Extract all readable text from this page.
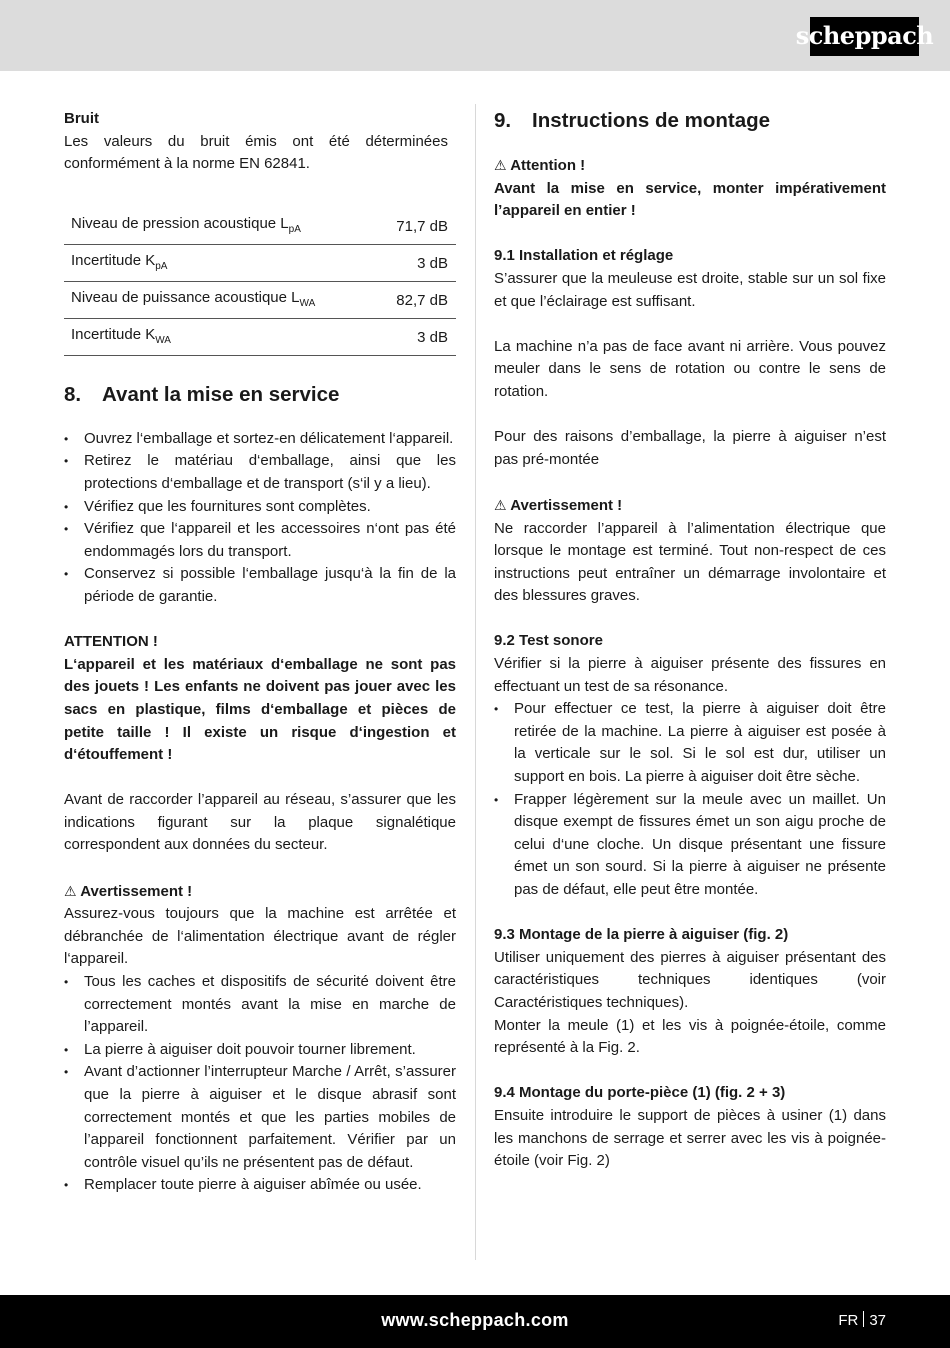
scheppach

Bruit

Les valeurs du bruit émis ont été déterminées conformément à la norme EN 62841.

Niveau de pression acoustique $L_{pA}$	71,7 dB
Incertitude $K_{pA}$	3 dB
Niveau de puissance acoustique $L_{WA}$	82,7 dB
Incertitude $K_{WA}$	3 dB
8.	Avant la mise en service
• Ouvrez l‘emballage et sortez-en délicatement l‘appareil.
• Retirez le matériau d‘emballage, ainsi que les protections d‘emballage et de transport (s‘il y a lieu).
• Vérifiez que les fournitures sont complètes.
• Vérifiez que l‘appareil et les accessoires n‘ont pas été endommagés lors du transport.
• Conservez si possible l‘emballage jusqu‘à la fin de la période de garantie.

ATTENTION !

L‘appareil et les matériaux d‘emballage ne sont pas des jouets ! Les enfants ne doivent pas jouer avec les sacs en plastique, films d‘emballage et pièces de petite taille ! Il existe un risque d‘ingestion et d‘étouffement !

Avant de raccorder l’appareil au réseau, s’assurer que les indications figurant sur la plaque signalétique correspondent aux données du secteur.

⚠ Avertissement !

Assurez-vous toujours que la machine est arrêtée et débranchée de l‘alimentation électrique avant de régler l‘appareil.

• Tous les caches et dispositifs de sécurité doivent être correctement montés avant la mise en marche de l’appareil.
• La pierre à aiguiser doit pouvoir tourner librement.
• Avant d’actionner l’interrupteur Marche / Arrêt, s’assurer que la pierre à aiguiser et le disque abrasif sont correctement montés et que les parties mobiles de l’appareil fonctionnent parfaitement. Vérifier par un contrôle visuel qu’ils ne présentent pas de défaut.
• Remplacer toute pierre à aiguiser abîmée ou usée.
9.	Instructions de montage

⚠ Attention !

Avant la mise en service, monter impérativement l’appareil en entier !

9.1 Installation et réglage

S’assurer que la meuleuse est droite, stable sur un sol fixe et que l’éclairage est suffisant.

La machine n’a pas de face avant ni arrière. Vous pouvez meuler dans le sens de rotation ou contre le sens de rotation.

Pour des raisons d’emballage, la pierre à aiguiser n’est pas pré-montée

⚠ Avertissement !

Ne raccorder l’appareil à l’alimentation électrique que lorsque le montage est terminé. Tout non-respect de ces instructions peut entraîner un démarrage involontaire et des blessures graves.

9.2 Test sonore

Vérifier si la pierre à aiguiser présente des fissures en effectuant un test de sa résonance.

• Pour effectuer ce test, la pierre à aiguiser doit être retirée de la machine. La pierre à aiguiser est posée à la verticale sur le sol. Si le sol est dur, utiliser un support en bois. La pierre à aiguiser doit être sèche.
• Frapper légèrement sur la meule avec un maillet. Un disque exempt de fissures émet un son aigu proche de celui d‘une cloche. Un disque présentant une fissure émet un son sourd. Si la pierre à aiguiser ne présente pas de défaut, elle peut être montée.

9.3 Montage de la pierre à aiguiser (fig. 2)

Utiliser uniquement des pierres à aiguiser présentant des caractéristiques techniques identiques (voir Caractéristiques techniques).

Monter la meule (1) et les vis à poignée-étoile, comme représenté à la Fig. 2.

9.4 Montage du porte-pièce (1) (fig. 2 + 3)

Ensuite introduire le support de pièces à usiner (1) dans les manchons de serrage et serrer avec les vis à poignée-étoile (voir Fig. 2)

www.scheppach.com	FR 37
